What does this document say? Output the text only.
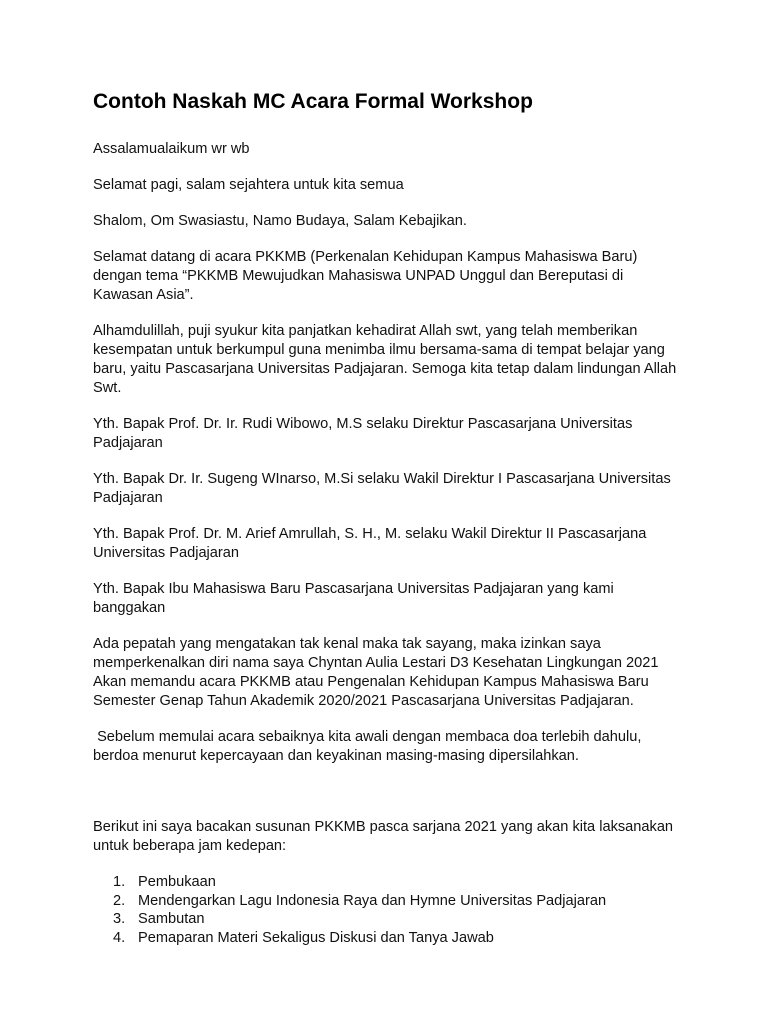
Contoh Naskah MC Acara Formal Workshop

Assalamualaikum wr wb

Selamat pagi, salam sejahtera untuk kita semua

Shalom, Om Swasiastu, Namo Budaya, Salam Kebajikan.

Selamat datang di acara PKKMB (Perkenalan Kehidupan Kampus Mahasiswa Baru) dengan tema “PKKMB Mewujudkan Mahasiswa UNPAD Unggul dan Bereputasi di Kawasan Asia”.

Alhamdulillah, puji syukur kita panjatkan kehadirat Allah swt, yang telah memberikan kesempatan untuk berkumpul guna menimba ilmu bersama-sama di tempat belajar yang baru, yaitu Pascasarjana Universitas Padjajaran. Semoga kita tetap dalam lindungan Allah Swt.

Yth. Bapak Prof. Dr. Ir. Rudi Wibowo, M.S selaku Direktur Pascasarjana Universitas Padjajaran

Yth. Bapak Dr. Ir. Sugeng WInarso, M.Si selaku Wakil Direktur I Pascasarjana Universitas Padjajaran

Yth. Bapak Prof. Dr. M. Arief Amrullah, S. H., M. selaku Wakil Direktur II Pascasarjana Universitas Padjajaran

Yth. Bapak Ibu Mahasiswa Baru Pascasarjana Universitas Padjajaran yang kami banggakan

Ada pepatah yang mengatakan tak kenal maka tak sayang, maka izinkan saya memperkenalkan diri nama saya Chyntan Aulia Lestari D3 Kesehatan Lingkungan 2021 Akan memandu acara PKKMB atau Pengenalan Kehidupan Kampus Mahasiswa Baru Semester Genap Tahun Akademik 2020/2021 Pascasarjana Universitas Padjajaran.

Sebelum memulai acara sebaiknya kita awali dengan membaca doa terlebih dahulu, berdoa menurut kepercayaan dan keyakinan masing-masing dipersilahkan.

Berikut ini saya bacakan susunan PKKMB pasca sarjana 2021 yang akan kita laksanakan untuk beberapa jam kedepan:

1. Pembukaan
2. Mendengarkan Lagu Indonesia Raya dan Hymne Universitas Padjajaran
3. Sambutan
4. Pemaparan Materi Sekaligus Diskusi dan Tanya Jawab
